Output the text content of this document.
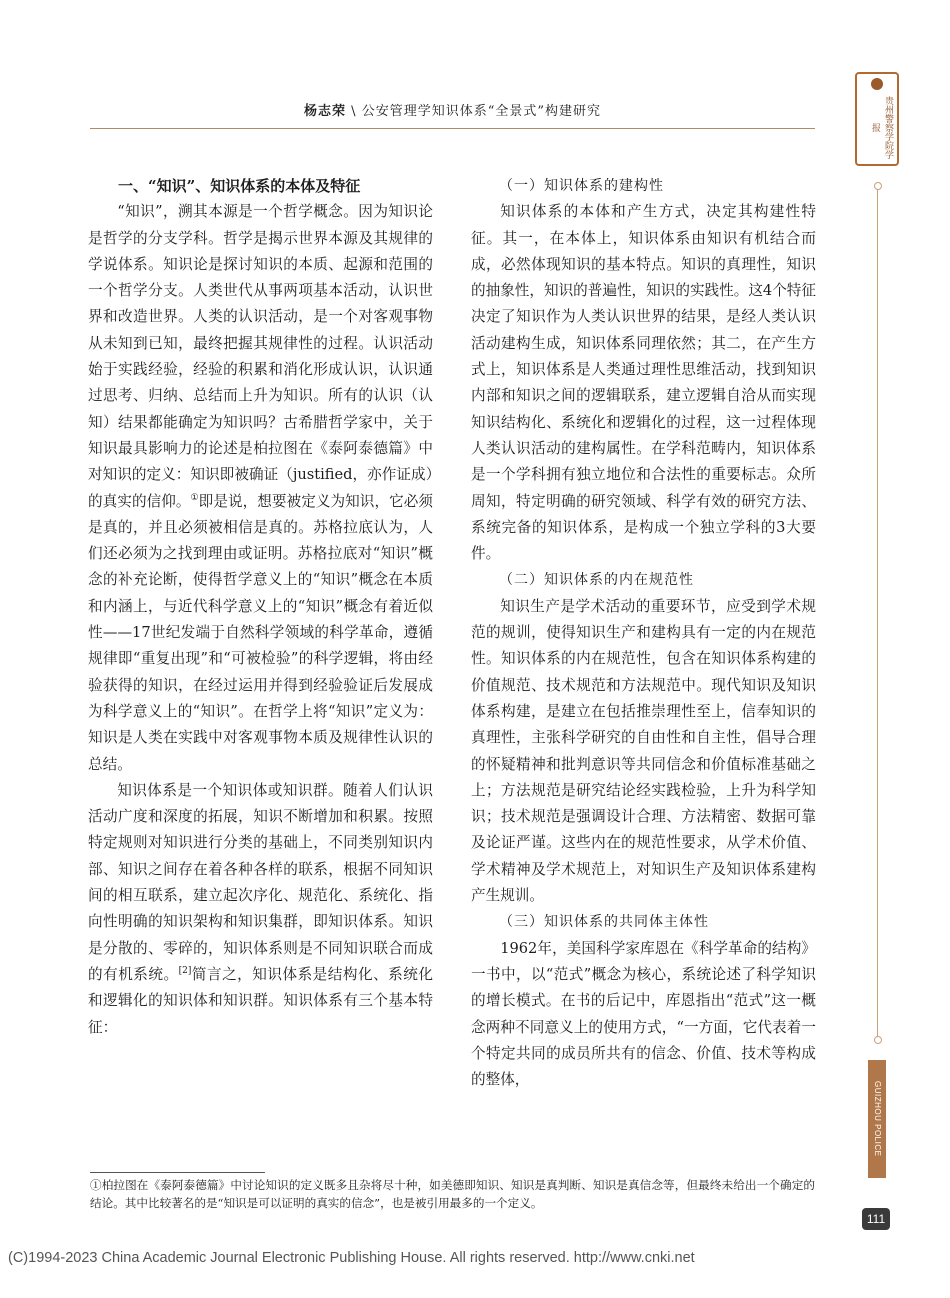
杨志荣 \ 公安管理学知识体系“全景式”构建研究	贵州警察学院学报
GUIZHOU POLICE COLLEGE
111
一、“知识”、知识体系的本体及特征

“知识”，溯其本源是一个哲学概念。因为知识论是哲学的分支学科。哲学是揭示世界本源及其规律的学说体系。知识论是探讨知识的本质、起源和范围的一个哲学分支。人类世代从事两项基本活动，认识世界和改造世界。人类的认识活动，是一个对客观事物从未知到已知，最终把握其规律性的过程。认识活动始于实践经验，经验的积累和消化形成认识，认识通过思考、归纳、总结而上升为知识。所有的认识（认知）结果都能确定为知识吗？古希腊哲学家中，关于知识最具影响力的论述是柏拉图在《泰阿泰德篇》中对知识的定义：知识即被确证（justified，亦作证成）的真实的信仰。①即是说，想要被定义为知识，它必须是真的，并且必须被相信是真的。苏格拉底认为，人们还必须为之找到理由或证明。苏格拉底对“知识”概念的补充论断，使得哲学意义上的“知识”概念在本质和内涵上，与近代科学意义上的“知识”概念有着近似性——17世纪发端于自然科学领域的科学革命，遵循规律即“重复出现”和“可被检验”的科学逻辑，将由经验获得的知识，在经过运用并得到经验验证后发展成为科学意义上的“知识”。在哲学上将“知识”定义为：知识是人类在实践中对客观事物本质及规律性认识的总结。

知识体系是一个知识体或知识群。随着人们认识活动广度和深度的拓展，知识不断增加和积累。按照特定规则对知识进行分类的基础上，不同类别知识内部、知识之间存在着各种各样的联系，根据不同知识间的相互联系，建立起次序化、规范化、系统化、指向性明确的知识架构和知识集群，即知识体系。知识是分散的、零碎的，知识体系则是不同知识联合而成的有机系统。[2]简言之，知识体系是结构化、系统化和逻辑化的知识体和知识群。知识体系有三个基本特征：

（一）知识体系的建构性

知识体系的本体和产生方式，决定其构建性特征。其一，在本体上，知识体系由知识有机结合而成，必然体现知识的基本特点。知识的真理性，知识的抽象性，知识的普遍性，知识的实践性。这4个特征决定了知识作为人类认识世界的结果，是经人类认识活动建构生成，知识体系同理依然；其二，在产生方式上，知识体系是人类通过理性思维活动，找到知识内部和知识之间的逻辑联系，建立逻辑自洽从而实现知识结构化、系统化和逻辑化的过程，这一过程体现人类认识活动的建构属性。在学科范畴内，知识体系是一个学科拥有独立地位和合法性的重要标志。众所周知，特定明确的研究领域、科学有效的研究方法、系统完备的知识体系，是构成一个独立学科的3大要件。

（二）知识体系的内在规范性

知识生产是学术活动的重要环节，应受到学术规范的规训，使得知识生产和建构具有一定的内在规范性。知识体系的内在规范性，包含在知识体系构建的价值规范、技术规范和方法规范中。现代知识及知识体系构建，是建立在包括推崇理性至上，信奉知识的真理性，主张科学研究的自由性和自主性，倡导合理的怀疑精神和批判意识等共同信念和价值标准基础之上；方法规范是研究结论经实践检验，上升为科学知识；技术规范是强调设计合理、方法精密、数据可靠及论证严谨。这些内在的规范性要求，从学术价值、学术精神及学术规范上，对知识生产及知识体系建构产生规训。

（三）知识体系的共同体主体性

1962年，美国科学家库恩在《科学革命的结构》一书中，以“范式”概念为核心，系统论述了科学知识的增长模式。在书的后记中，库恩指出“范式”这一概念两种不同意义上的使用方式，“一方面，它代表着一个特定共同的成员所共有的信念、价值、技术等构成的整体，

①柏拉图在《泰阿泰德篇》中讨论知识的定义既多且杂将尽十种，如美德即知识、知识是真判断、知识是真信念等，但最终未给出一个确定的结论。其中比较著名的是“知识是可以证明的真实的信念”，也是被引用最多的一个定义。
(C)1994-2023 China Academic Journal Electronic Publishing House. All rights reserved. http://www.cnki.net
